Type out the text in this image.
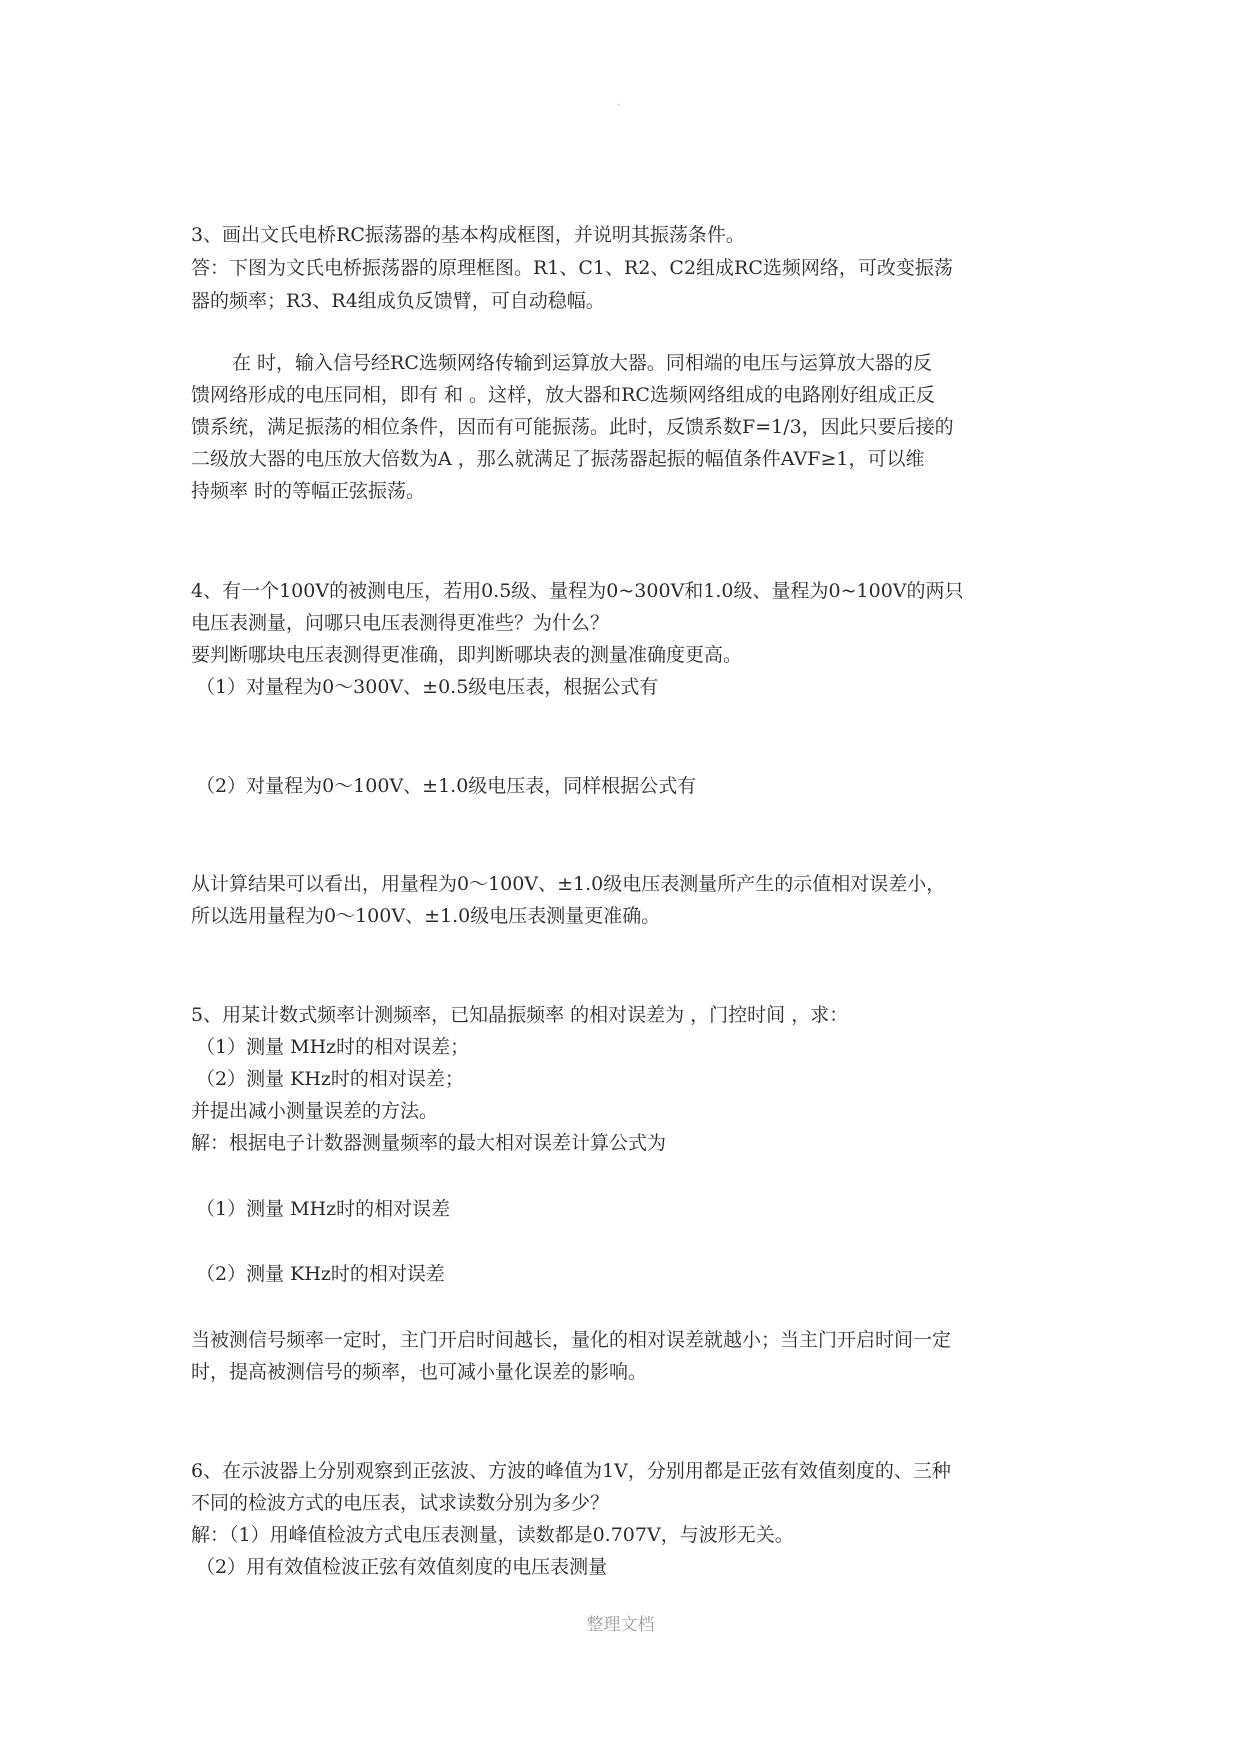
.
3、画出文氏电桥RC振荡器的基本构成框图，并说明其振荡条件。
答：下图为文氏电桥振荡器的原理框图。R1、C1、R2、C2组成RC选频网络，可改变振荡
器的频率；R3、R4组成负反馈臂，可自动稳幅。
在 时，输入信号经RC选频网络传输到运算放大器。同相端的电压与运算放大器的反
馈网络形成的电压同相，即有 和 。这样，放大器和RC选频网络组成的电路刚好组成正反
馈系统，满足振荡的相位条件，因而有可能振荡。此时，反馈系数F=1/3，因此只要后接的
二级放大器的电压放大倍数为A ，那么就满足了振荡器起振的幅值条件AVF≥1，可以维
持频率 时的等幅正弦振荡。
4、有一个100V的被测电压，若用0.5级、量程为0~300V和1.0级、量程为0~100V的两只
电压表测量，问哪只电压表测得更准些？为什么？
要判断哪块电压表测得更准确，即判断哪块表的测量准确度更高。
（1）对量程为0～300V、±0.5级电压表，根据公式有
（2）对量程为0～100V、±1.0级电压表，同样根据公式有
从计算结果可以看出，用量程为0～100V、±1.0级电压表测量所产生的示值相对误差小，
所以选用量程为0～100V、±1.0级电压表测量更准确。
5、用某计数式频率计测频率，已知晶振频率 的相对误差为 ，门控时间 ，求：
（1）测量 MHz时的相对误差；
（2）测量 KHz时的相对误差；
并提出减小测量误差的方法。
解：根据电子计数器测量频率的最大相对误差计算公式为
（1）测量 MHz时的相对误差
（2）测量 KHz时的相对误差
当被测信号频率一定时，主门开启时间越长，量化的相对误差就越小；当主门开启时间一定
时，提高被测信号的频率，也可减小量化误差的影响。
6、在示波器上分别观察到正弦波、方波的峰值为1V，分别用都是正弦有效值刻度的、三种
不同的检波方式的电压表，试求读数分别为多少？
解：（1）用峰值检波方式电压表测量，读数都是0.707V，与波形无关。
（2）用有效值检波正弦有效值刻度的电压表测量
整理文档
